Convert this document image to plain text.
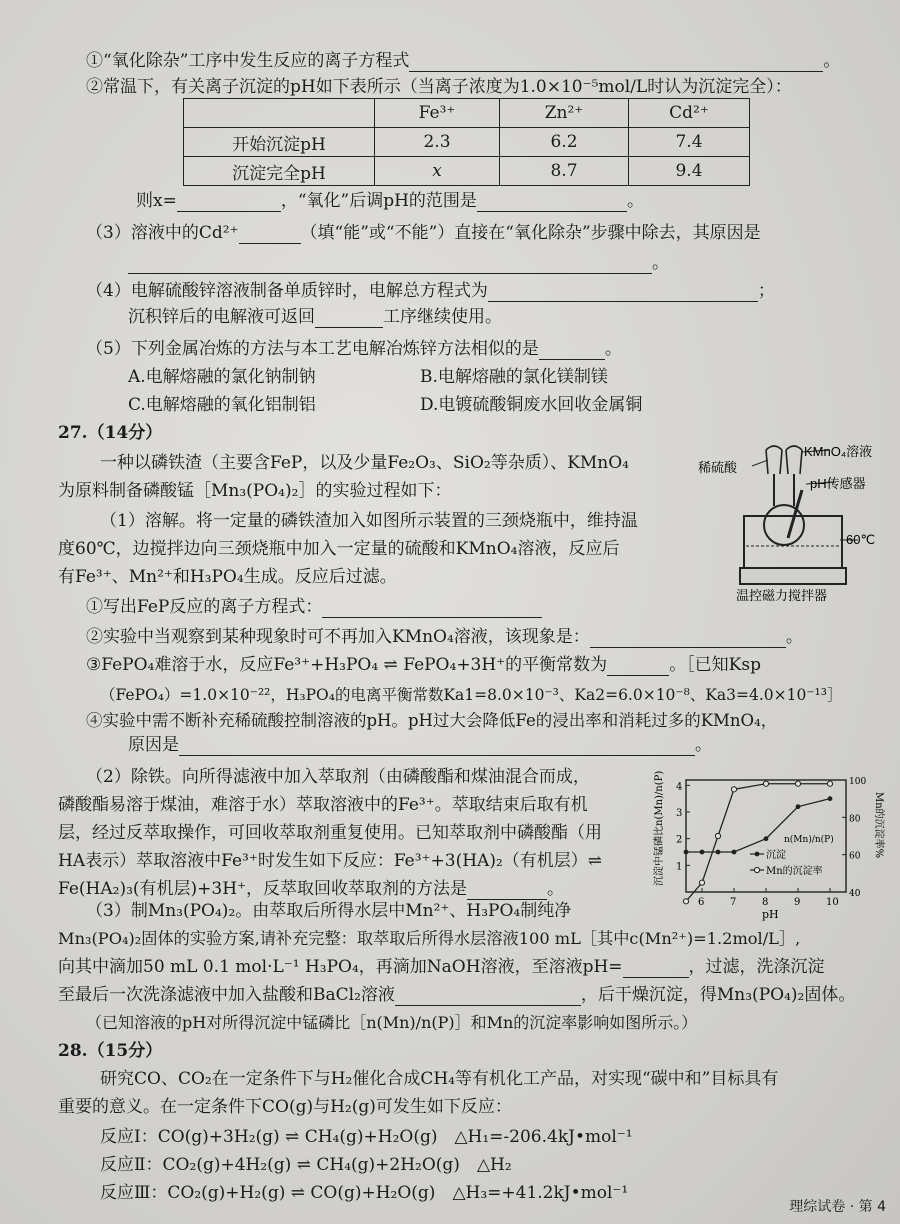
①“氧化除杂”工序中发生反应的离子方程式	。
②常温下，有关离子沉淀的pH如下表所示（当离子浓度为1.0×10⁻⁵mol/L时认为沉淀完全）：
	Fe³⁺	Zn²⁺	Cd²⁺
开始沉淀pH	2.3	6.2	7.4
沉淀完全pH	x	8.7	9.4
则x=	，“氧化”后调pH的范围是	。
（3）溶液中的Cd²⁺	（填“能”或“不能”）直接在“氧化除杂”步骤中除去，其原因是
。
（4）电解硫酸锌溶液制备单质锌时，电解总方程式为	；
沉积锌后的电解液可返回	工序继续使用。
（5）下列金属冶炼的方法与本工艺电解冶炼锌方法相似的是	。
A.电解熔融的氯化钠制钠	B.电解熔融的氯化镁制镁
C.电解熔融的氧化铝制铝	D.电镀硫酸铜废水回收金属铜
27.（14分）
一种以磷铁渣（主要含FeP，以及少量Fe₂O₃、SiO₂等杂质）、KMnO₄
为原料制备磷酸锰［Mn₃(PO₄)₂］的实验过程如下：
（1）溶解。将一定量的磷铁渣加入如图所示装置的三颈烧瓶中，维持温
度60℃，边搅拌边向三颈烧瓶中加入一定量的硫酸和KMnO₄溶液，反应后
有Fe³⁺、Mn²⁺和H₃PO₄生成。反应后过滤。
稀硫酸
KMnO₄溶液
pH传感器
60℃
温控磁力搅拌器
①写出FeP反应的离子方程式：
②实验中当观察到某种现象时可不再加入KMnO₄溶液，该现象是：	。
③FePO₄难溶于水，反应Fe³⁺+H₃PO₄ ⇌ FePO₄+3H⁺的平衡常数为	。［已知Ksp
（FePO₄）=1.0×10⁻²²，H₃PO₄的电离平衡常数Ka1=8.0×10⁻³、Ka2=6.0×10⁻⁸、Ka3=4.0×10⁻¹³］
④实验中需不断补充稀硫酸控制溶液的pH。pH过大会降低Fe的浸出率和消耗过多的KMnO₄，
原因是	。
（2）除铁。向所得滤液中加入萃取剂（由磷酸酯和煤油混合而成，
磷酸酯易溶于煤油，难溶于水）萃取溶液中的Fe³⁺。萃取结束后取有机
层，经过反萃取操作，可回收萃取剂重复使用。已知萃取剂中磷酸酯（用
HA表示）萃取溶液中Fe³⁺时发生如下反应：Fe³⁺+3(HA)₂（有机层）⇌
Fe(HA₂)₃(有机层)+3H⁺，反萃取回收萃取剂的方法是	。
6	7	8	9	10
1
2
3
4
40
60
80
100
沉淀中锰磷比n(Mn)/n(P)	Mn的沉淀率%
pH
n(Mn)/n(P)
沉淀
Mn的沉淀率
（3）制Mn₃(PO₄)₂。由萃取后所得水层中Mn²⁺、H₃PO₄制纯净
Mn₃(PO₄)₂固体的实验方案,请补充完整：取萃取后所得水层溶液100 mL［其中c(Mn²⁺)=1.2mol/L］,
向其中滴加50 mL 0.1 mol·L⁻¹ H₃PO₄，再滴加NaOH溶液，至溶液pH=	，过滤，洗涤沉淀
至最后一次洗涤滤液中加入盐酸和BaCl₂溶液	，后干燥沉淀，得Mn₃(PO₄)₂固体。
（已知溶液的pH对所得沉淀中锰磷比［n(Mn)/n(P)］和Mn的沉淀率影响如图所示。）
28.（15分）
研究CO、CO₂在一定条件下与H₂催化合成CH₄等有机化工产品，对实现“碳中和”目标具有
重要的意义。在一定条件下CO(g)与H₂(g)可发生如下反应：
反应Ⅰ：CO(g)+3H₂(g) ⇌ CH₄(g)+H₂O(g)　△H₁=-206.4kJ•mol⁻¹
反应Ⅱ：CO₂(g)+4H₂(g) ⇌ CH₄(g)+2H₂O(g)　△H₂
反应Ⅲ：CO₂(g)+H₂(g) ⇌ CO(g)+H₂O(g)　△H₃=+41.2kJ•mol⁻¹
理综试卷 · 第 4
